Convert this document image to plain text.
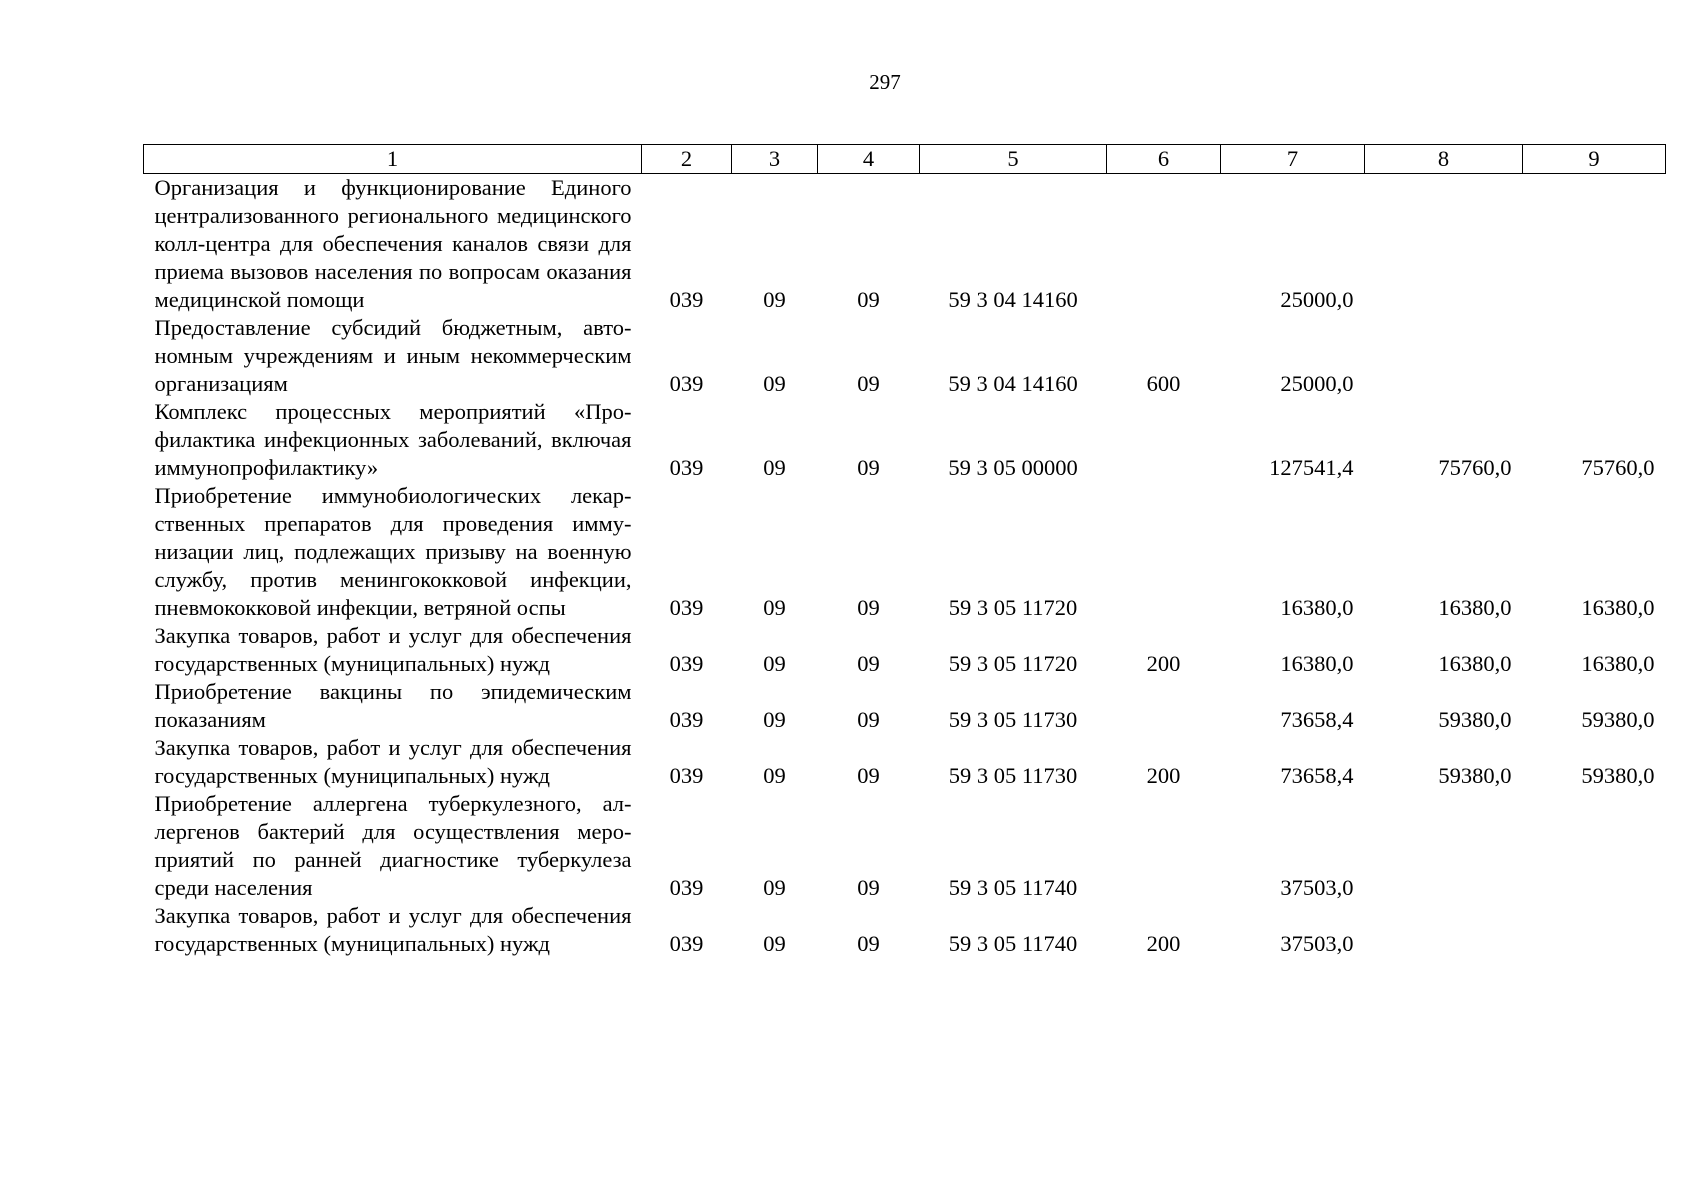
297
1	2	3	4	5	6	7	8	9
Организация и функционирование Единого централизованного регионального медицинского колл-центра для обеспечения каналов связи для приема вызовов населения по вопросам оказания медицинской помощи	039	09	09	59 3 04 14160		25000,0		
Предоставление субсидий бюджетным, автономным учреждениям и иным некоммерческим организациям	039	09	09	59 3 04 14160	600	25000,0		
Комплекс процессных мероприятий «Профилактика инфекционных заболеваний, включая иммунопрофилактику»	039	09	09	59 3 05 00000		127541,4	75760,0	75760,0
Приобретение иммунобиологических лекарственных препаратов для проведения иммунизации лиц, подлежащих призыву на военную службу, против менингококковой инфекции, пневмококковой инфекции, ветряной оспы	039	09	09	59 3 05 11720		16380,0	16380,0	16380,0
Закупка товаров, работ и услуг для обеспечения государственных (муниципальных) нужд	039	09	09	59 3 05 11720	200	16380,0	16380,0	16380,0
Приобретение вакцины по эпидемическим показаниям	039	09	09	59 3 05 11730		73658,4	59380,0	59380,0
Закупка товаров, работ и услуг для обеспечения государственных (муниципальных) нужд	039	09	09	59 3 05 11730	200	73658,4	59380,0	59380,0
Приобретение аллергена туберкулезного, аллергенов бактерий для осуществления мероприятий по ранней диагностике туберкулеза среди населения	039	09	09	59 3 05 11740		37503,0		
Закупка товаров, работ и услуг для обеспечения государственных (муниципальных) нужд	039	09	09	59 3 05 11740	200	37503,0		
